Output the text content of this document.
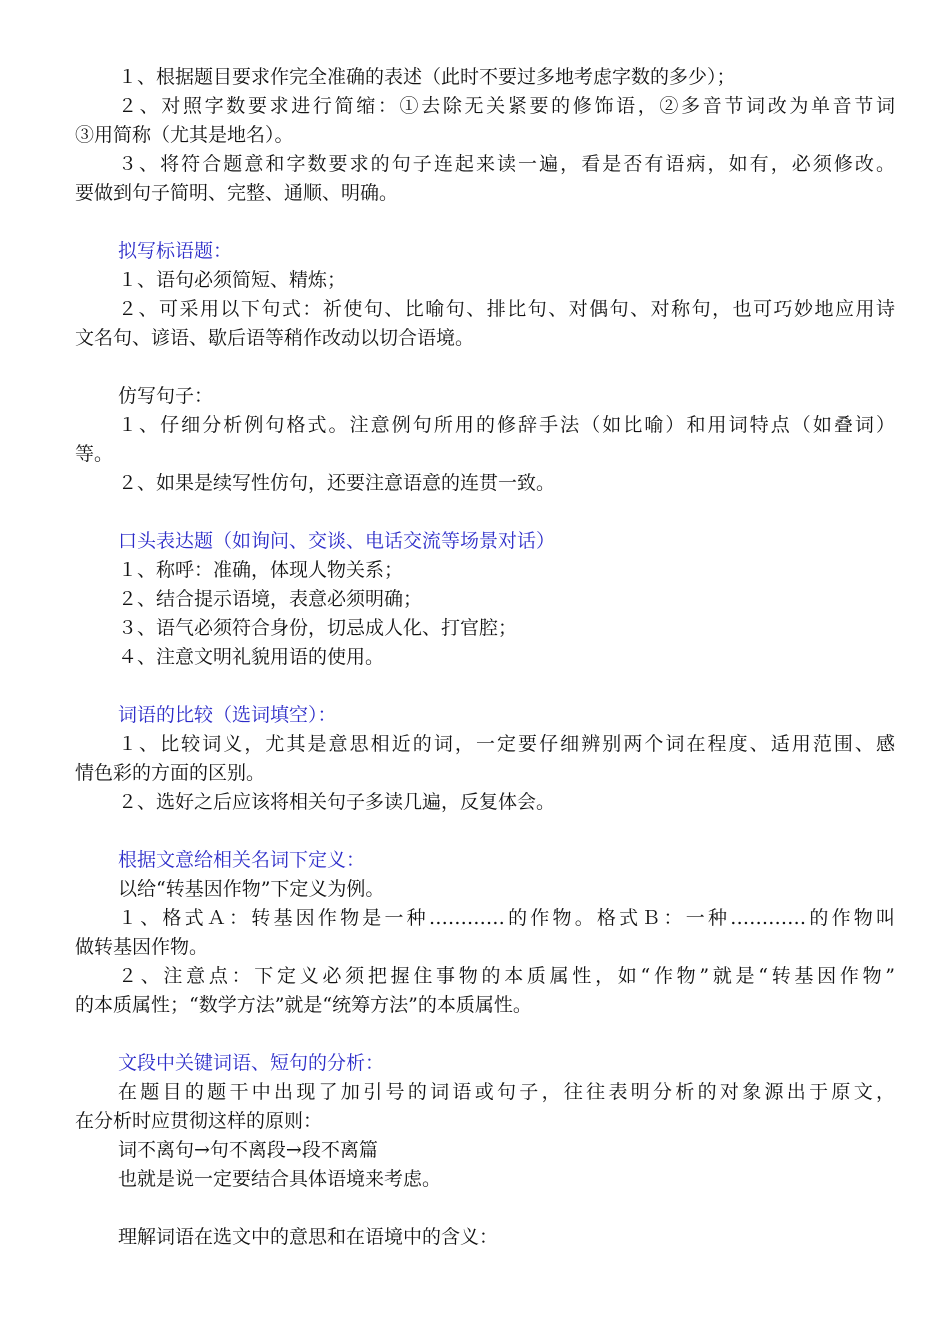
１、根据题目要求作完全准确的表述（此时不要过多地考虑字数的多少）；
２、对照字数要求进行简缩：①去除无关紧要的修饰语，②多音节词改为单音节词
③用简称（尤其是地名）。
３、将符合题意和字数要求的句子连起来读一遍，看是否有语病，如有，必须修改。
要做到句子简明、完整、通顺、明确。
拟写标语题：
１、语句必须简短、精炼；
２、可采用以下句式：祈使句、比喻句、排比句、对偶句、对称句，也可巧妙地应用诗
文名句、谚语、歇后语等稍作改动以切合语境。
仿写句子：
１、仔细分析例句格式。注意例句所用的修辞手法（如比喻）和用词特点（如叠词）
等。
２、如果是续写性仿句，还要注意语意的连贯一致。
口头表达题（如询问、交谈、电话交流等场景对话）
１、称呼：准确，体现人物关系；
２、结合提示语境，表意必须明确；
３、语气必须符合身份，切忌成人化、打官腔；
４、注意文明礼貌用语的使用。
词语的比较（选词填空）：
１、比较词义，尤其是意思相近的词，一定要仔细辨别两个词在程度、适用范围、感
情色彩的方面的区别。
２、选好之后应该将相关句子多读几遍，反复体会。
根据文意给相关名词下定义：
以给“转基因作物”下定义为例。
１、格式Ａ：转基因作物是一种…………的作物。格式Ｂ：一种…………的作物叫
做转基因作物。
２、注意点：下定义必须把握住事物的本质属性，如“作物”就是“转基因作物”
的本质属性；“数学方法”就是“统筹方法”的本质属性。
文段中关键词语、短句的分析：
在题目的题干中出现了加引号的词语或句子，往往表明分析的对象源出于原文，
在分析时应贯彻这样的原则：
词不离句→句不离段→段不离篇
也就是说一定要结合具体语境来考虑。
理解词语在选文中的意思和在语境中的含义：
